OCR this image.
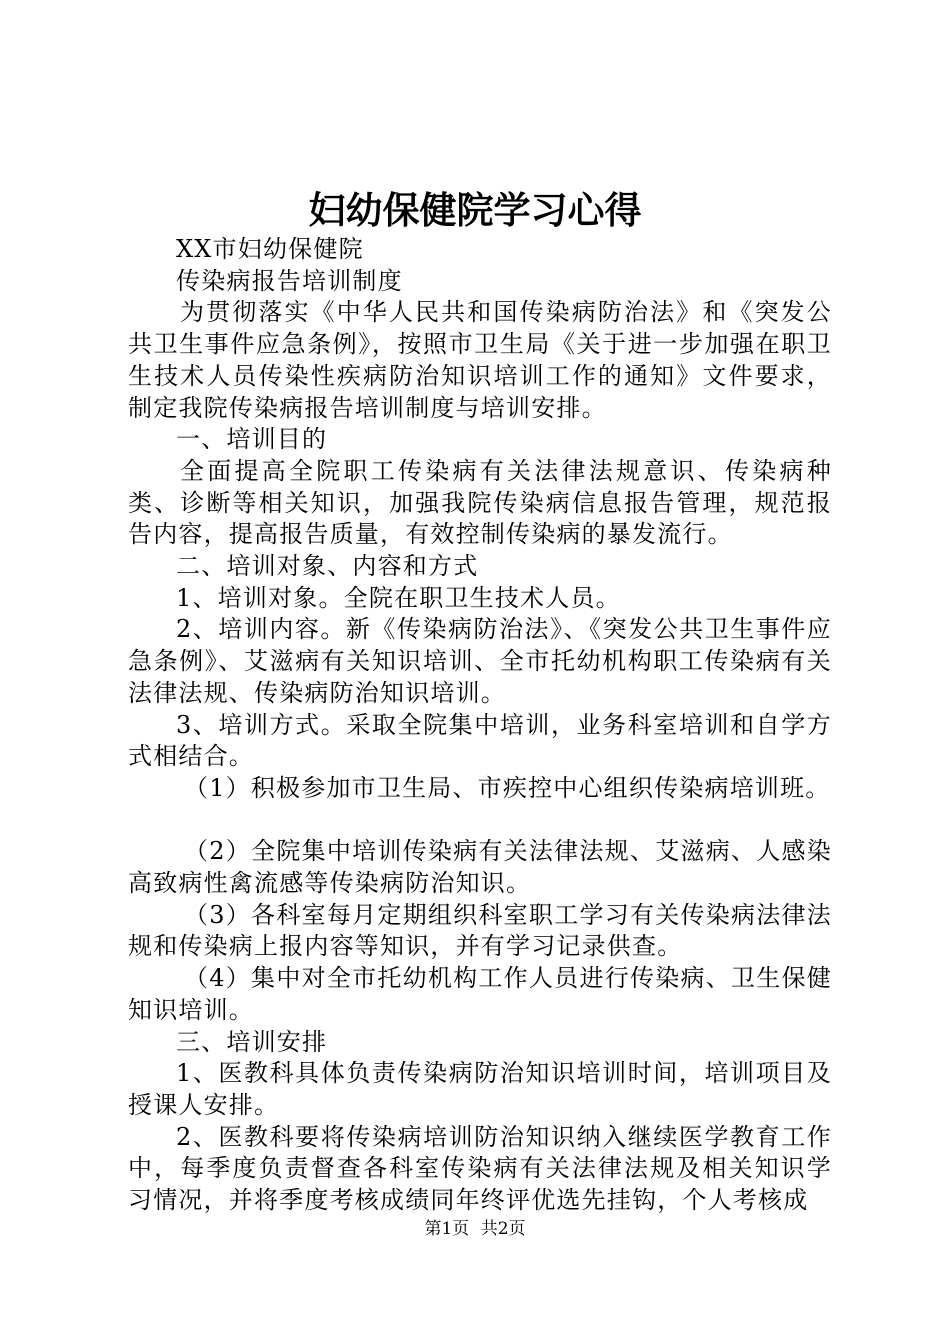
妇幼保健院学习心得

XX市妇幼保健院

传染病报告培训制度

为贯彻落实《中华人民共和国传染病防治法》和《突发公共卫生事件应急条例》，按照市卫生局《关于进一步加强在职卫生技术人员传染性疾病防治知识培训工作的通知》文件要求，制定我院传染病报告培训制度与培训安排。

一、培训目的

全面提高全院职工传染病有关法律法规意识、传染病种类、诊断等相关知识，加强我院传染病信息报告管理，规范报告内容，提高报告质量，有效控制传染病的暴发流行。

二、培训对象、内容和方式

1、培训对象。全院在职卫生技术人员。

2、培训内容。新《传染病防治法》、《突发公共卫生事件应急条例》、艾滋病有关知识培训、全市托幼机构职工传染病有关法律法规、传染病防治知识培训。

3、培训方式。采取全院集中培训，业务科室培训和自学方式相结合。

（1）积极参加市卫生局、市疾控中心组织传染病培训班。

（2）全院集中培训传染病有关法律法规、艾滋病、人感染高致病性禽流感等传染病防治知识。

（3）各科室每月定期组织科室职工学习有关传染病法律法规和传染病上报内容等知识，并有学习记录供查。

（4）集中对全市托幼机构工作人员进行传染病、卫生保健知识培训。

三、培训安排

1、医教科具体负责传染病防治知识培训时间，培训项目及授课人安排。

2、医教科要将传染病培训防治知识纳入继续医学教育工作中，每季度负责督查各科室传染病有关法律法规及相关知识学习情况，并将季度考核成绩同年终评优选先挂钩，个人考核成

第1页 共2页
